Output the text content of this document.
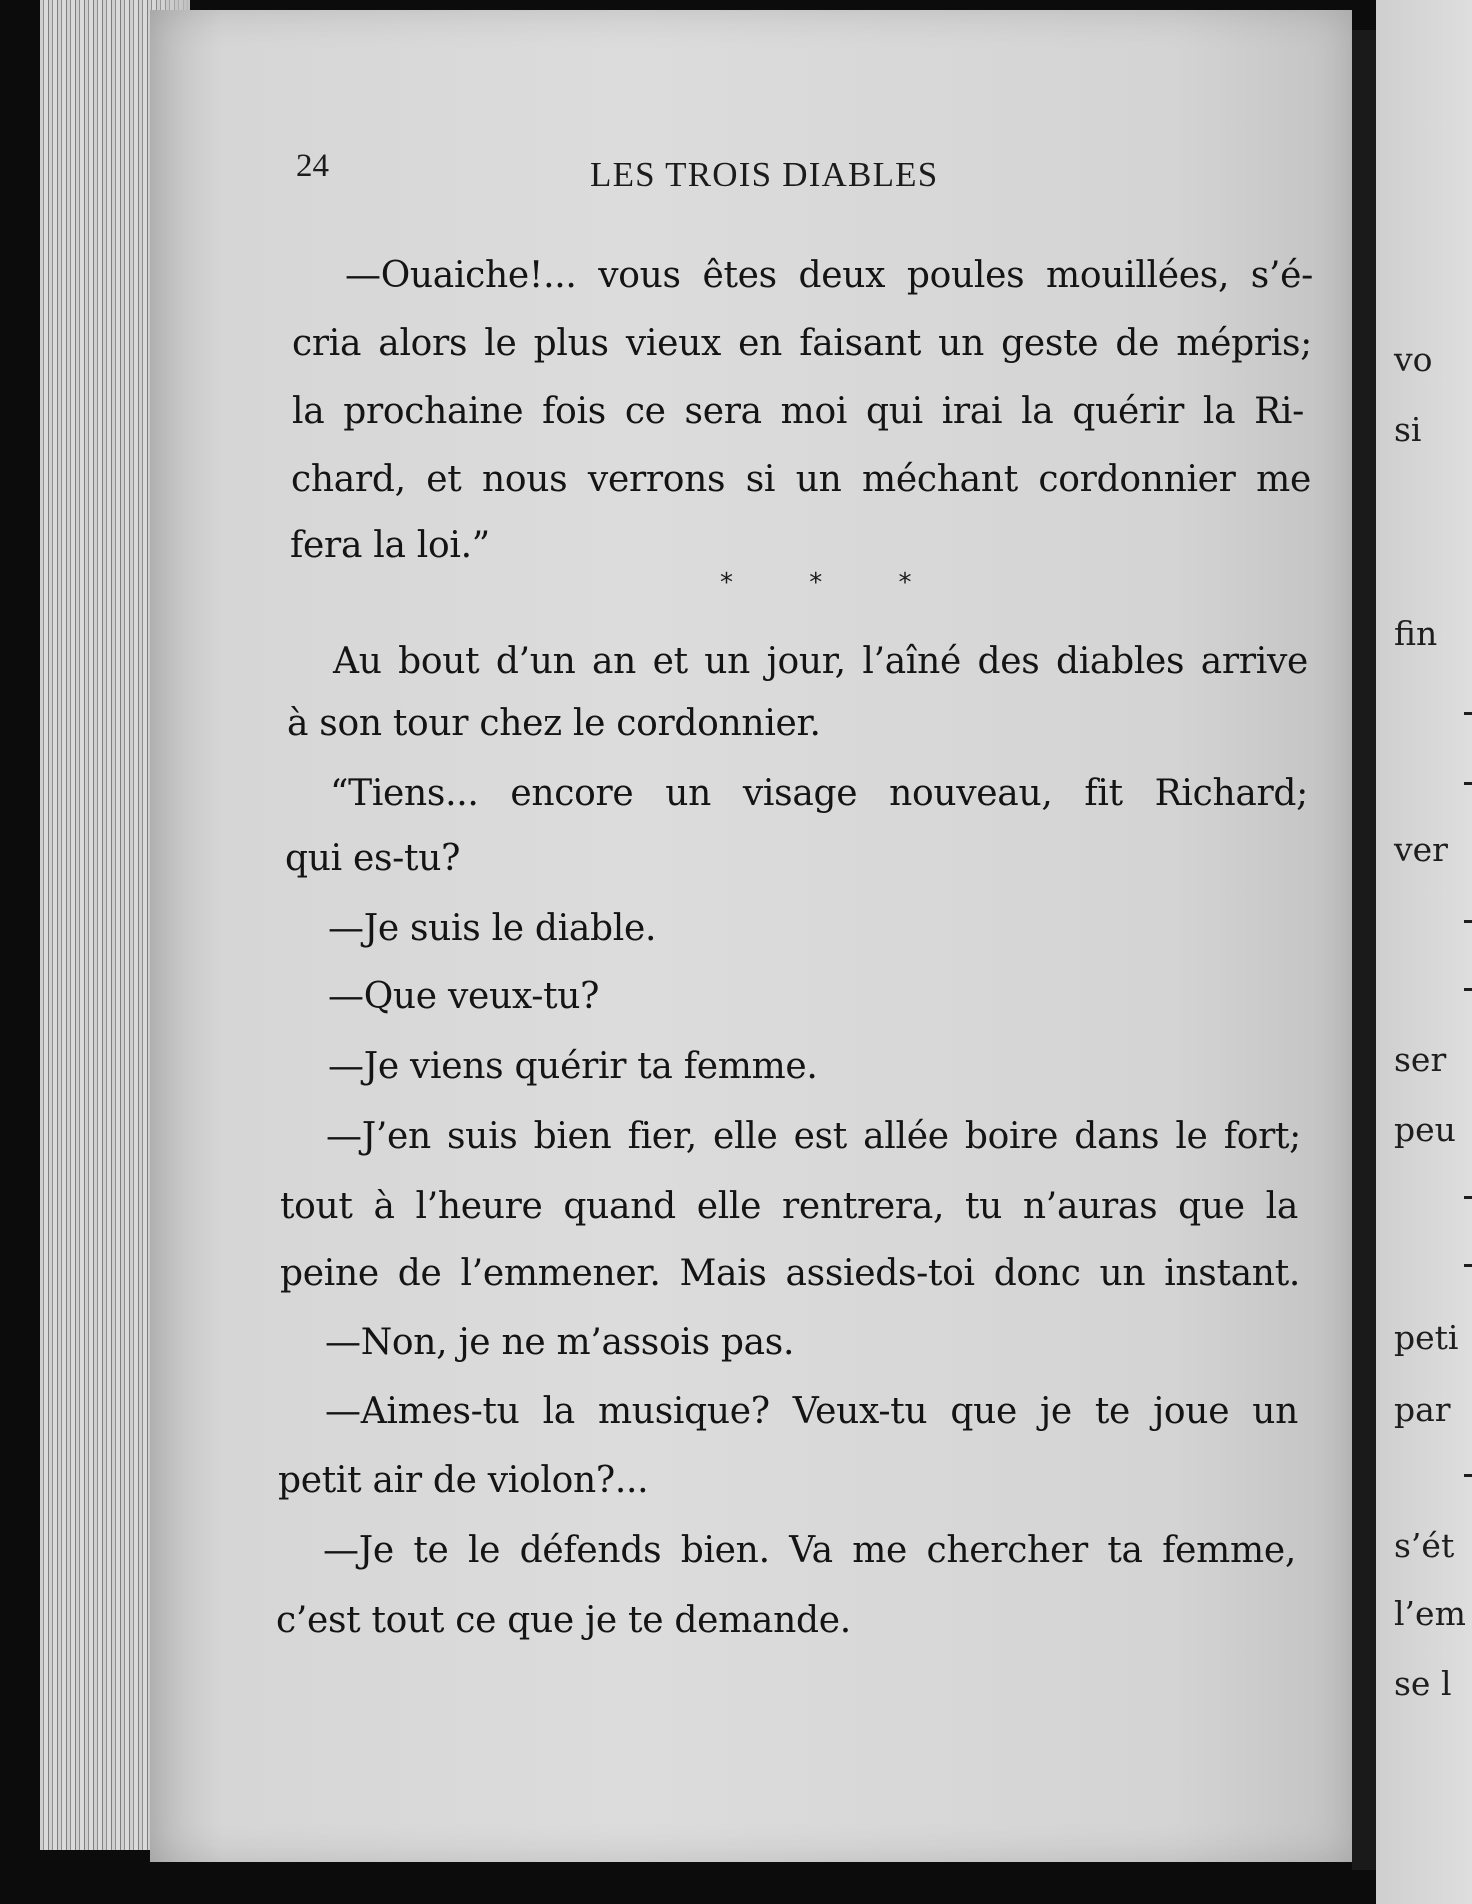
vo
si
fin
ver
ser
peu
peti
par
s’ét
l’em
se l
24	LES TROIS DIABLES
—Ouaiche!... vous êtes deux poules mouillées, s’é-
cria alors le plus vieux en faisant un geste de mépris;
la prochaine fois ce sera moi qui irai la quérir la Ri-
chard, et nous verrons si un méchant cordonnier me
fera la loi.”
* * *
Au bout d’un an et un jour, l’aîné des diables arrive
à son tour chez le cordonnier.
“Tiens... encore un visage nouveau, fit Richard;
qui es-tu?
—Je suis le diable.
—Que veux-tu?
—Je viens quérir ta femme.
—J’en suis bien fier, elle est allée boire dans le fort;
tout à l’heure quand elle rentrera, tu n’auras que la
peine de l’emmener. Mais assieds-toi donc un instant.
—Non, je ne m’assois pas.
—Aimes-tu la musique? Veux-tu que je te joue un
petit air de violon?...
—Je te le défends bien. Va me chercher ta femme,
c’est tout ce que je te demande.
